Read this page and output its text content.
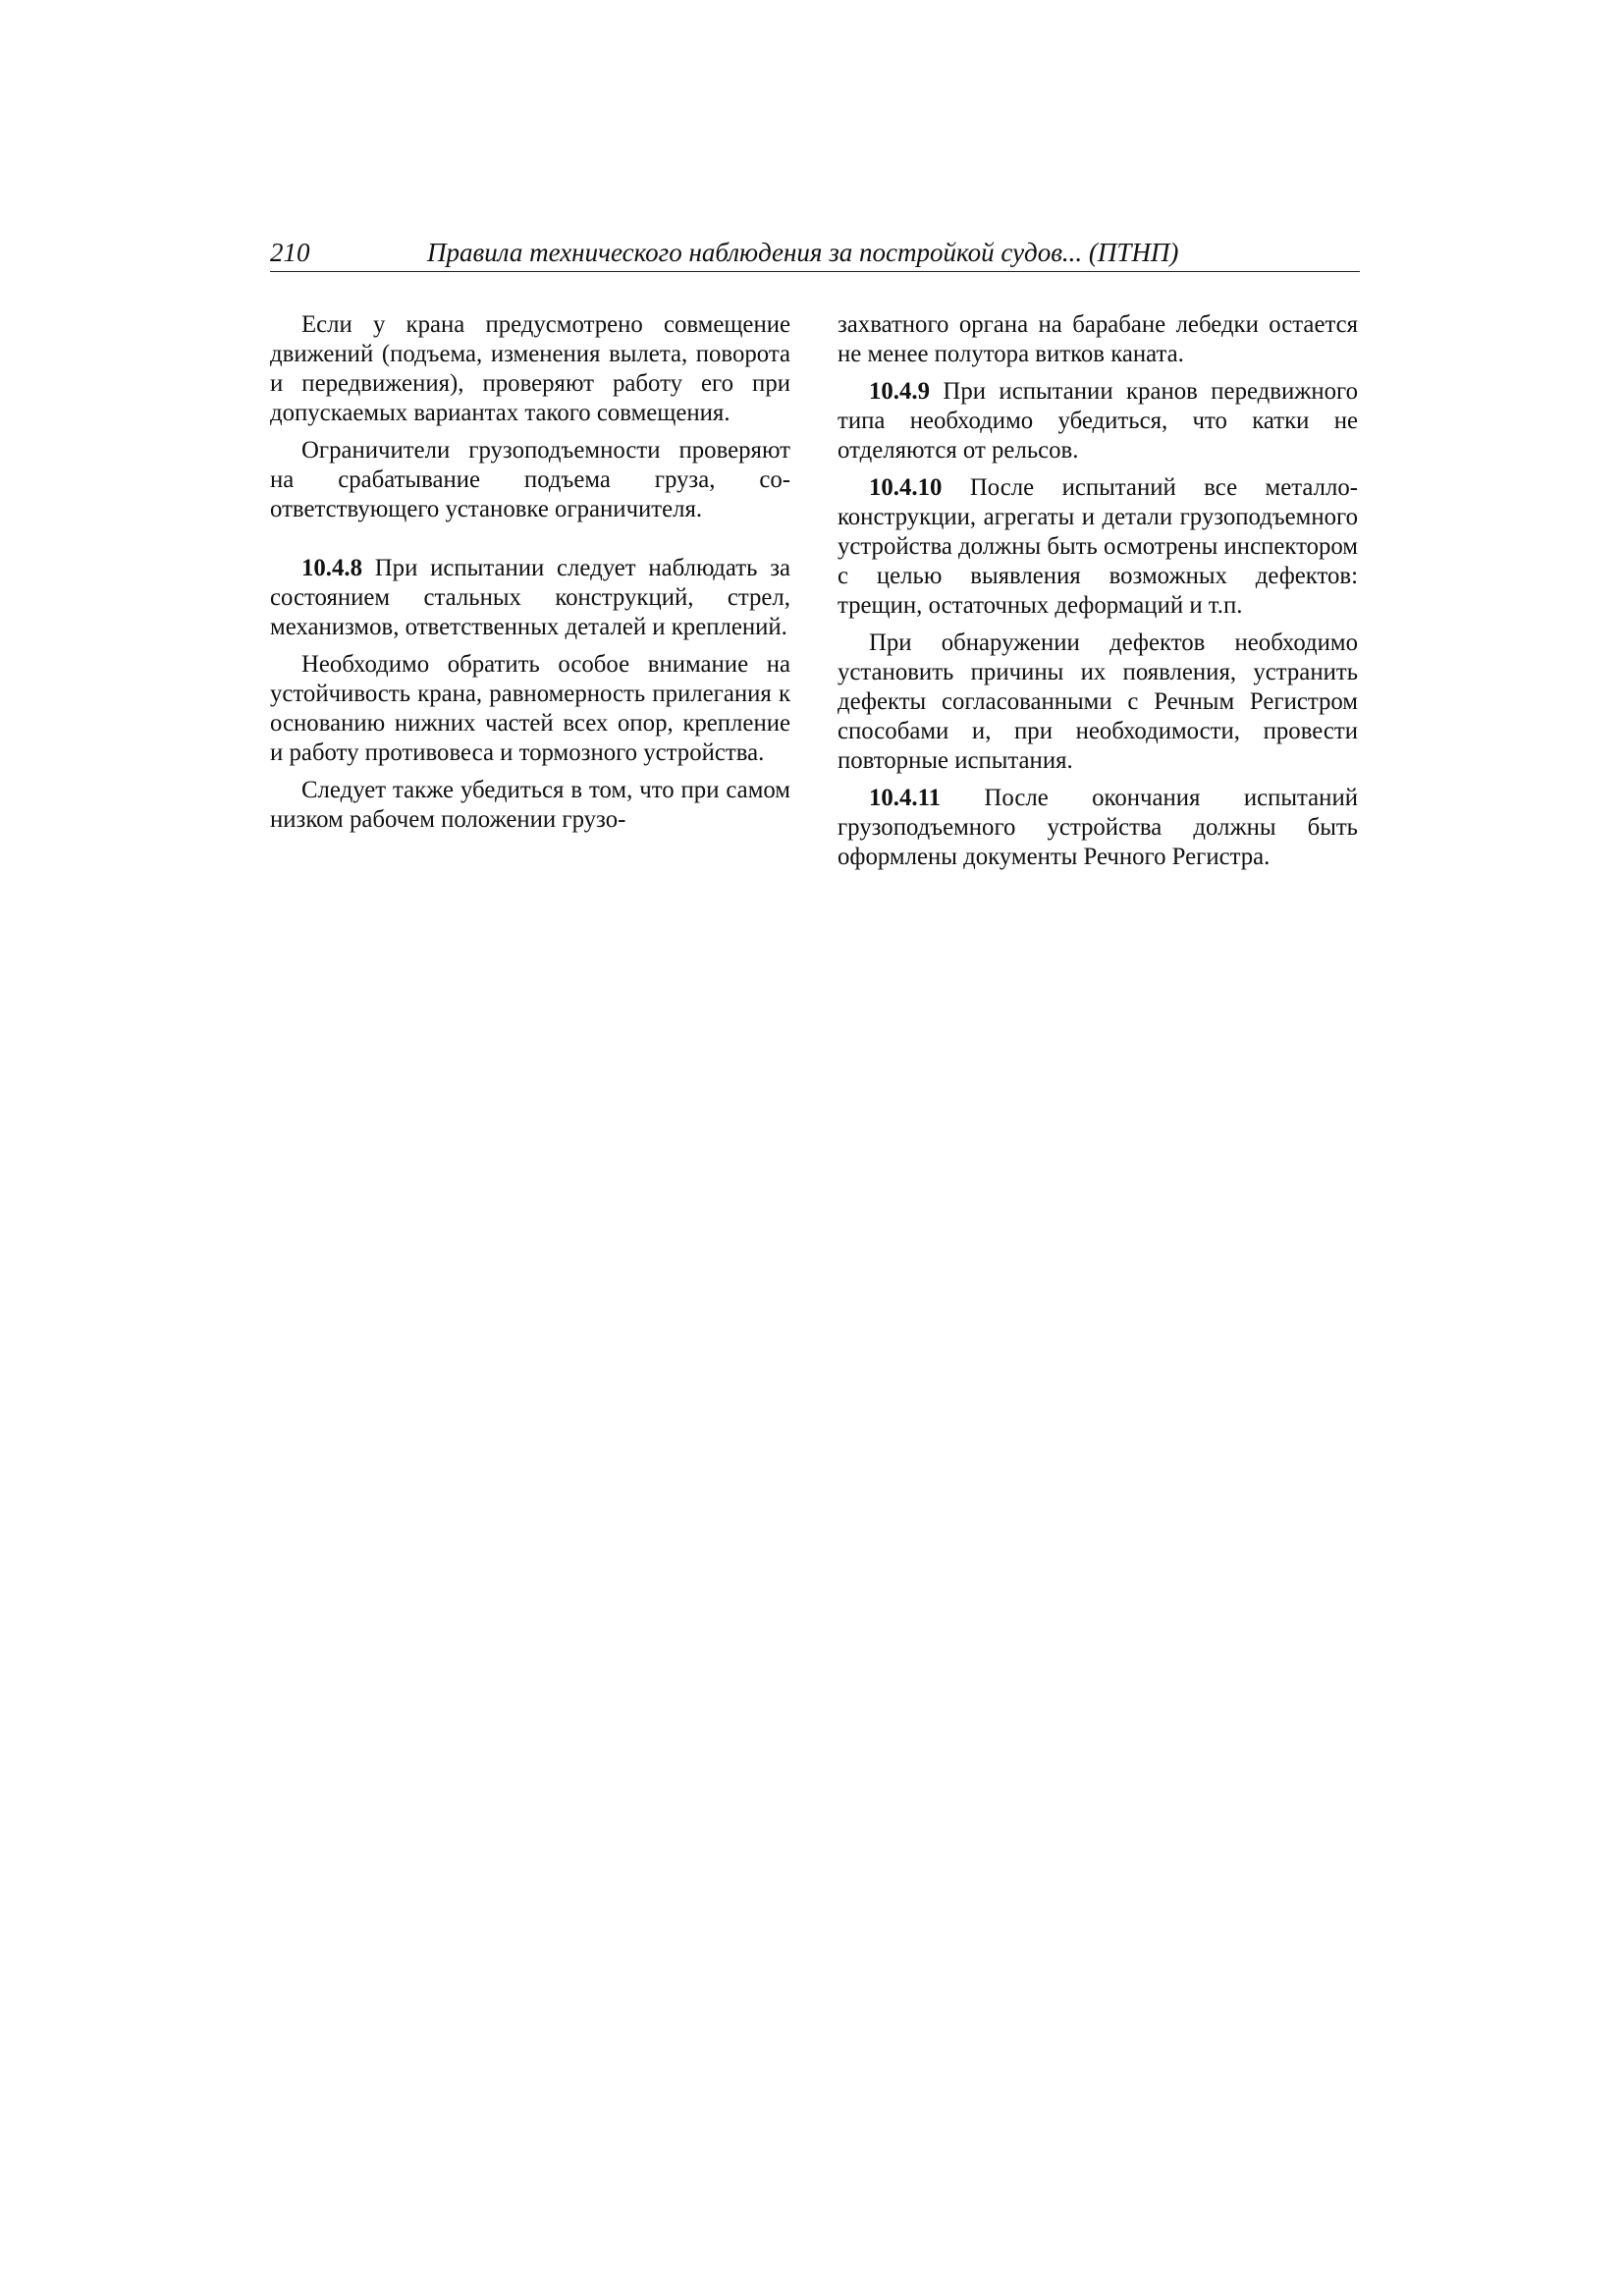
210	Правила технического наблюдения за постройкой судов... (ПТНП)

Если у крана предусмотрено совмещение движений (подъема, изменения вылета, поворота и передвижения), проверяют работу его при допускаемых вариантах такого совмещения.

Ограничители грузоподъемности проверяют на срабатывание подъема груза, соответствующего установке ограничителя.

10.4.8 При испытании следует наблюдать за состоянием стальных конструкций, стрел, механизмов, ответственных деталей и креплений.

Необходимо обратить особое внимание на устойчивость крана, равномерность прилегания к основанию нижних частей всех опор, крепление и работу противовеса и тормозного устройства.

Следует также убедиться в том, что при самом низком рабочем положении грузо-

захватного органа на барабане лебедки остается не менее полутора витков каната.

10.4.9 При испытании кранов передвижного типа необходимо убедиться, что катки не отделяются от рельсов.

10.4.10 После испытаний все металлоконструкции, агрегаты и детали грузоподъемного устройства должны быть осмотрены инспектором с целью выявления возможных дефектов: трещин, остаточных деформаций и т.п.

При обнаружении дефектов необходимо установить причины их появления, устранить дефекты согласованными с Речным Регистром способами и, при необходимости, провести повторные испытания.

10.4.11 После окончания испытаний грузоподъемного устройства должны быть оформлены документы Речного Регистра.
